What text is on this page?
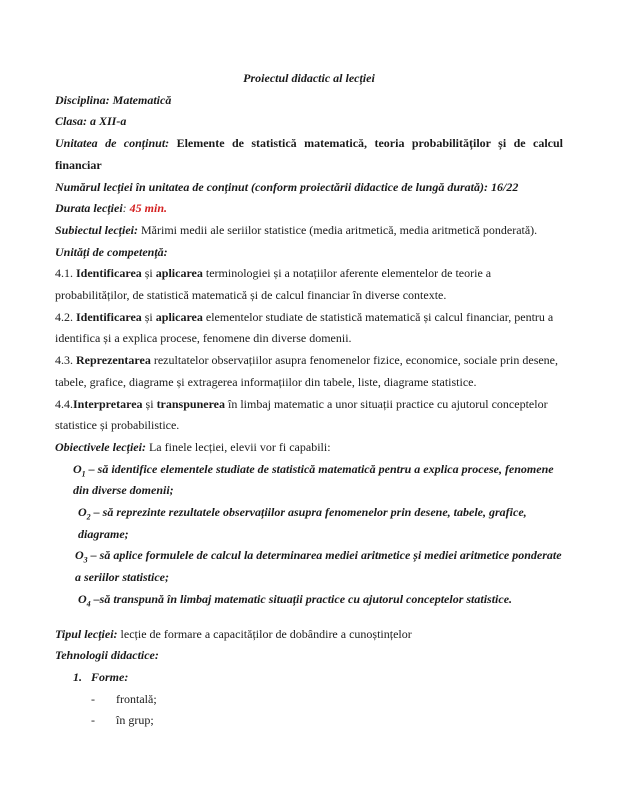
Proiectul didactic al lecției

Disciplina: Matematică

Clasa: a XII-a

Unitatea de conținut: Elemente de statistică matematică, teoria probabilităților și de calcul financiar

Numărul lecției în unitatea de conținut (conform proiectării didactice de lungă durată): 16/22

Durata lecției: 45 min.

Subiectul lecției: Mărimi medii ale seriilor statistice (media aritmetică, media aritmetică ponderată).

Unități de competență:

4.1. Identificarea și aplicarea terminologiei și a notațiilor aferente elementelor de teorie a probabilităților, de statistică matematică și de calcul financiar în diverse contexte.

4.2. Identificarea și aplicarea elementelor studiate de statistică matematică și calcul financiar, pentru a identifica și a explica procese, fenomene din diverse domenii.

4.3. Reprezentarea rezultatelor observațiilor asupra fenomenelor fizice, economice, sociale prin desene, tabele, grafice, diagrame și extragerea informațiilor din tabele, liste, diagrame statistice.

4.4.Interpretarea și transpunerea în limbaj matematic a unor situații practice cu ajutorul conceptelor statistice și probabilistice.

Obiectivele lecției: La finele lecției, elevii vor fi capabili:

$O_1$ – să identifice elementele studiate de statistică matematică pentru a explica procese, fenomene din diverse domenii;

$O_2$ – să reprezinte rezultatele observațiilor asupra fenomenelor prin desene, tabele, grafice, diagrame;

$O_3$ – să aplice formulele de calcul la determinarea mediei aritmetice și mediei aritmetice ponderate a seriilor statistice;

$O_4$ –să transpună în limbaj matematic situații practice cu ajutorul conceptelor statistice.

Tipul lecției: lecție de formare a capacităților de dobândire a cunoștințelor

Tehnologii didactice:

1. Forme:

- frontală;

- în grup;
